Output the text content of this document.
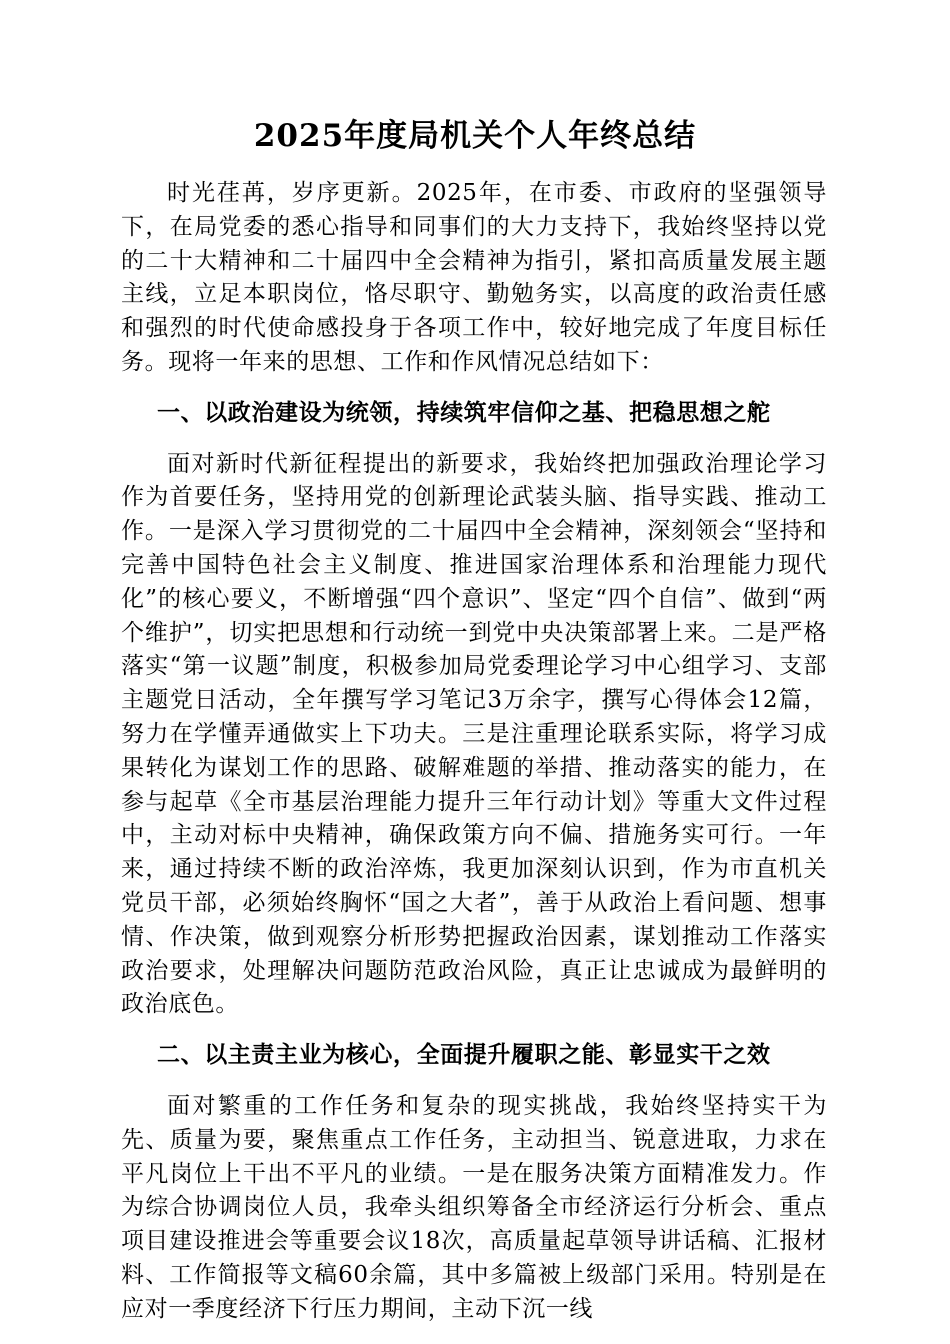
2025年度局机关个人年终总结

时光荏苒，岁序更新。2025年，在市委、市政府的坚强领导下，在局党委的悉心指导和同事们的大力支持下，我始终坚持以党的二十大精神和二十届四中全会精神为指引，紧扣高质量发展主题主线，立足本职岗位，恪尽职守、勤勉务实，以高度的政治责任感和强烈的时代使命感投身于各项工作中，较好地完成了年度目标任务。现将一年来的思想、工作和作风情况总结如下：

一、以政治建设为统领，持续筑牢信仰之基、把稳思想之舵

面对新时代新征程提出的新要求，我始终把加强政治理论学习作为首要任务，坚持用党的创新理论武装头脑、指导实践、推动工作。一是深入学习贯彻党的二十届四中全会精神，深刻领会“坚持和完善中国特色社会主义制度、推进国家治理体系和治理能力现代化”的核心要义，不断增强“四个意识”、坚定“四个自信”、做到“两个维护”，切实把思想和行动统一到党中央决策部署上来。二是严格落实“第一议题”制度，积极参加局党委理论学习中心组学习、支部主题党日活动，全年撰写学习笔记3万余字，撰写心得体会12篇，努力在学懂弄通做实上下功夫。三是注重理论联系实际，将学习成果转化为谋划工作的思路、破解难题的举措、推动落实的能力，在参与起草《全市基层治理能力提升三年行动计划》等重大文件过程中，主动对标中央精神，确保政策方向不偏、措施务实可行。一年来，通过持续不断的政治淬炼，我更加深刻认识到，作为市直机关党员干部，必须始终胸怀“国之大者”，善于从政治上看问题、想事情、作决策，做到观察分析形势把握政治因素，谋划推动工作落实政治要求，处理解决问题防范政治风险，真正让忠诚成为最鲜明的政治底色。

二、以主责主业为核心，全面提升履职之能、彰显实干之效

面对繁重的工作任务和复杂的现实挑战，我始终坚持实干为先、质量为要，聚焦重点工作任务，主动担当、锐意进取，力求在平凡岗位上干出不平凡的业绩。一是在服务决策方面精准发力。作为综合协调岗位人员，我牵头组织筹备全市经济运行分析会、重点项目建设推进会等重要会议18次，高质量起草领导讲话稿、汇报材料、工作简报等文稿60余篇，其中多篇被上级部门采用。特别是在应对一季度经济下行压力期间，主动下沉一线
